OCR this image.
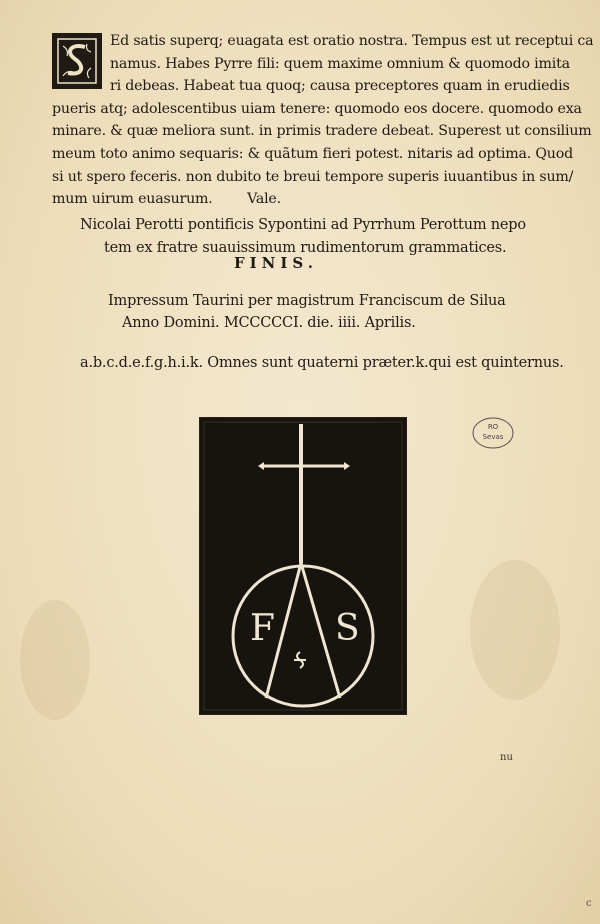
Ed satis superq; euagata est oratio nostra. Tempus est ut receptui ca
namus. Habes Pyrre fili: quem maxime omnium & quomodo imita
ri debeas. Habeat tua quoq; causa preceptores quam in erudiedis
pueris atq; adolescentibus uiam tenere: quomodo eos docere. quomodo exa
minare. & quæ meliora sunt. in primis tradere debeat. Superest ut consilium
meum toto animo sequaris: & quãtum fieri potest. nitaris ad optima. Quod
si ut spero feceris. non dubito te breui tempore superis iuuantibus in sum/
mum uirum euasurum.        Vale.
Nicolai Perotti pontificis Sypontini ad Pyrrhum Perottum nepo
tem ex fratre suauissimum rudimentorum grammatices.
FINIS.
Impressum Taurini per magistrum Franciscum de Silua
Anno Domini. MCCCCCI. die. iiii. Aprilis.
a.b.c.d.e.f.g.h.i.k. Omnes sunt quaterni præter.k.qui est quinternus.
RO
Sevas
F S
nu
c
